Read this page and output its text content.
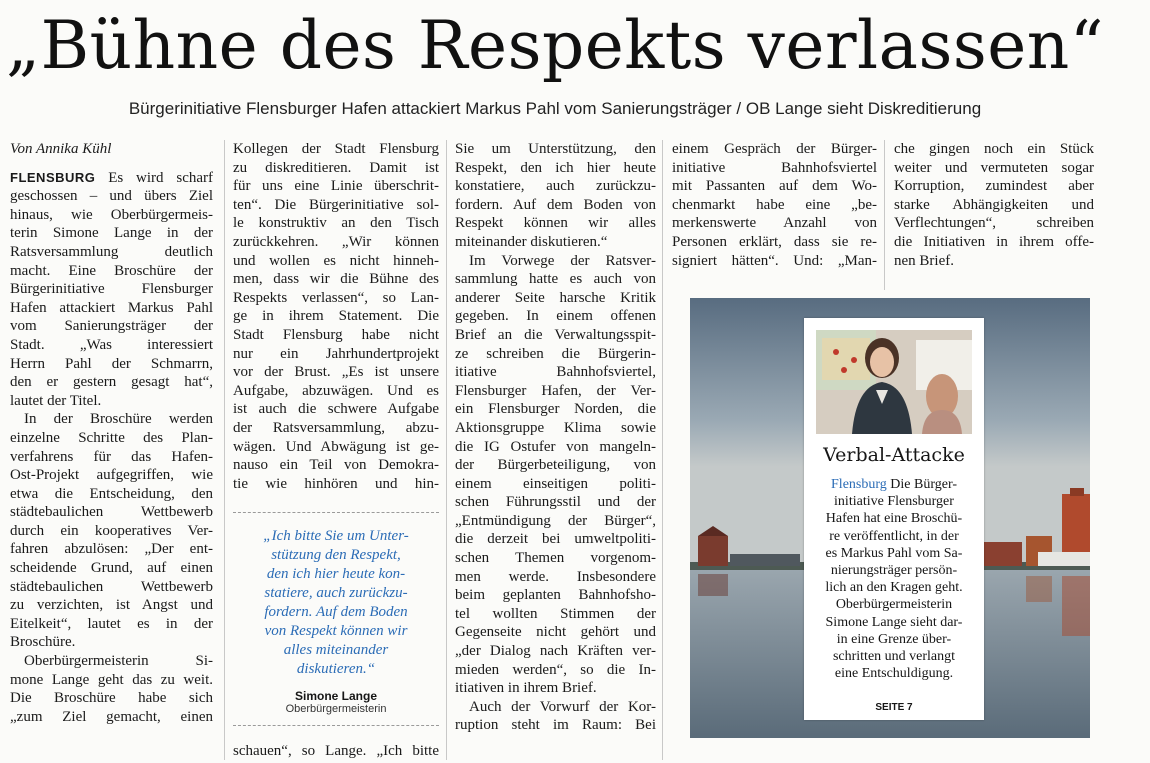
„Bühne des Respekts verlassen“
Bürgerinitiative Flensburger Hafen attackiert Markus Pahl vom Sanierungsträger / OB Lange sieht Diskreditierung

Von Annika Kühl

FLENSBURG Es wird scharf
geschossen – und übers Ziel
hinaus, wie Oberbürgermeis-
terin Simone Lange in der
Ratsversammlung deutlich
macht. Eine Broschüre der
Bürgerinitiative Flensburger
Hafen attackiert Markus Pahl
vom Sanierungsträger der
Stadt. „Was interessiert
Herrn Pahl der Schmarrn,
den er gestern gesagt hat“,
lautet der Titel.

In der Broschüre werden
einzelne Schritte des Plan-
verfahrens für das Hafen-
Ost-Projekt aufgegriffen, wie
etwa die Entscheidung, den
städtebaulichen Wettbewerb
durch ein kooperatives Ver-
fahren abzulösen: „Der ent-
scheidende Grund, auf einen
städtebaulichen Wettbewerb
zu verzichten, ist Angst und
Eitelkeit“, lautet es in der
Broschüre.

Oberbürgermeisterin Si-
mone Lange geht das zu weit.
Die Broschüre habe sich
„zum Ziel gemacht, einen

Kollegen der Stadt Flensburg
zu diskreditieren. Damit ist
für uns eine Linie überschrit-
ten“. Die Bürgerinitiative sol-
le konstruktiv an den Tisch
zurückkehren. „Wir können
und wollen es nicht hinneh-
men, dass wir die Bühne des
Respekts verlassen“, so Lan-
ge in ihrem Statement. Die
Stadt Flensburg habe nicht
nur ein Jahrhundertprojekt
vor der Brust. „Es ist unsere
Aufgabe, abzuwägen. Und es
ist auch die schwere Aufgabe
der Ratsversammlung, abzu-
wägen. Und Abwägung ist ge-
nauso ein Teil von Demokra-
tie wie hinhören und hin-

„Ich bitte Sie um Unter-
stützung den Respekt,
den ich hier heute kon-
statiere, auch zurückzu-
fordern. Auf dem Boden
von Respekt können wir
alles miteinander
diskutieren.“
Simone Lange
Oberbürgermeisterin
schauen“, so Lange. „Ich bitte

Sie um Unterstützung, den
Respekt, den ich hier heute
konstatiere, auch zurückzu-
fordern. Auf dem Boden von
Respekt können wir alles
miteinander diskutieren.“

Im Vorwege der Ratsver-
sammlung hatte es auch von
anderer Seite harsche Kritik
gegeben. In einem offenen
Brief an die Verwaltungsspit-
ze schreiben die Bürgerin-
itiative Bahnhofsviertel,
Flensburger Hafen, der Ver-
ein Flensburger Norden, die
Aktionsgruppe Klima sowie
die IG Ostufer von mangeln-
der Bürgerbeteiligung, von
einem einseitigen politi-
schen Führungsstil und der
„Entmündigung der Bürger“,
die derzeit bei umweltpoliti-
schen Themen vorgenom-
men werde. Insbesondere
beim geplanten Bahnhofsho-
tel wollten Stimmen der
Gegenseite nicht gehört und
„der Dialog nach Kräften ver-
mieden werden“, so die In-
itiativen in ihrem Brief.

Auch der Vorwurf der Kor-
ruption steht im Raum: Bei

einem Gespräch der Bürger-
initiative Bahnhofsviertel
mit Passanten auf dem Wo-
chenmarkt habe eine „be-
merkenswerte Anzahl von
Personen erklärt, dass sie re-
signiert hätten“. Und: „Man-

che gingen noch ein Stück
weiter und vermuteten sogar
Korruption, zumindest aber
starke Abhängigkeiten und
Verflechtungen“, schreiben
die Initiativen in ihrem offe-
nen Brief.

Verbal-Attacke
Flensburg Die Bürger-
initiative Flensburger
Hafen hat eine Broschü-
re veröffentlicht, in der
es Markus Pahl vom Sa-
nierungsträger persön-
lich an den Kragen geht.
Oberbürgermeisterin
Simone Lange sieht dar-
in eine Grenze über-
schritten und verlangt
eine Entschuldigung.
SEITE 7
